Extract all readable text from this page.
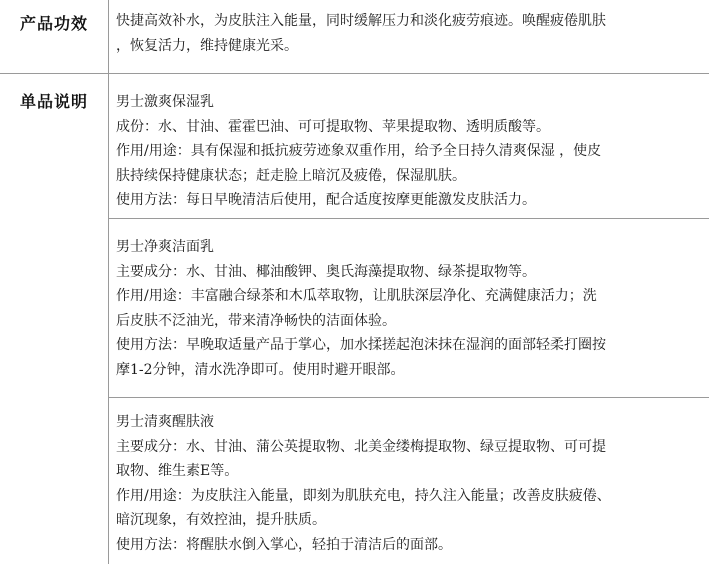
产品功效	快捷高效补水，为皮肤注入能量，同时缓解压力和淡化疲劳痕迹。唤醒疲倦肌肤

，恢复活力，维持健康光采。

单品说明	男士激爽保湿乳

成份：水、甘油、霍霍巴油、可可提取物、苹果提取物、透明质酸等。

作用/用途：具有保湿和抵抗疲劳迹象双重作用，给予全日持久清爽保湿 ，使皮

肤持续保持健康状态；赶走脸上暗沉及疲倦，保湿肌肤。

使用方法：每日早晚清洁后使用，配合适度按摩更能激发皮肤活力。

男士净爽洁面乳

主要成分：水、甘油、椰油酸钾、奥氏海藻提取物、绿茶提取物等。

作用/用途：丰富融合绿茶和木瓜萃取物，让肌肤深层净化、充满健康活力；洗

后皮肤不泛油光，带来清净畅快的洁面体验。

使用方法：早晚取适量产品于掌心，加水揉搓起泡沫抹在湿润的面部轻柔打圈按

摩1-2分钟，清水洗净即可。使用时避开眼部。

男士清爽醒肤液

主要成分：水、甘油、蒲公英提取物、北美金缕梅提取物、绿豆提取物、可可提

取物、维生素E等。

作用/用途：为皮肤注入能量，即刻为肌肤充电，持久注入能量；改善皮肤疲倦、

暗沉现象，有效控油，提升肤质。

使用方法：将醒肤水倒入掌心，轻拍于清洁后的面部。
